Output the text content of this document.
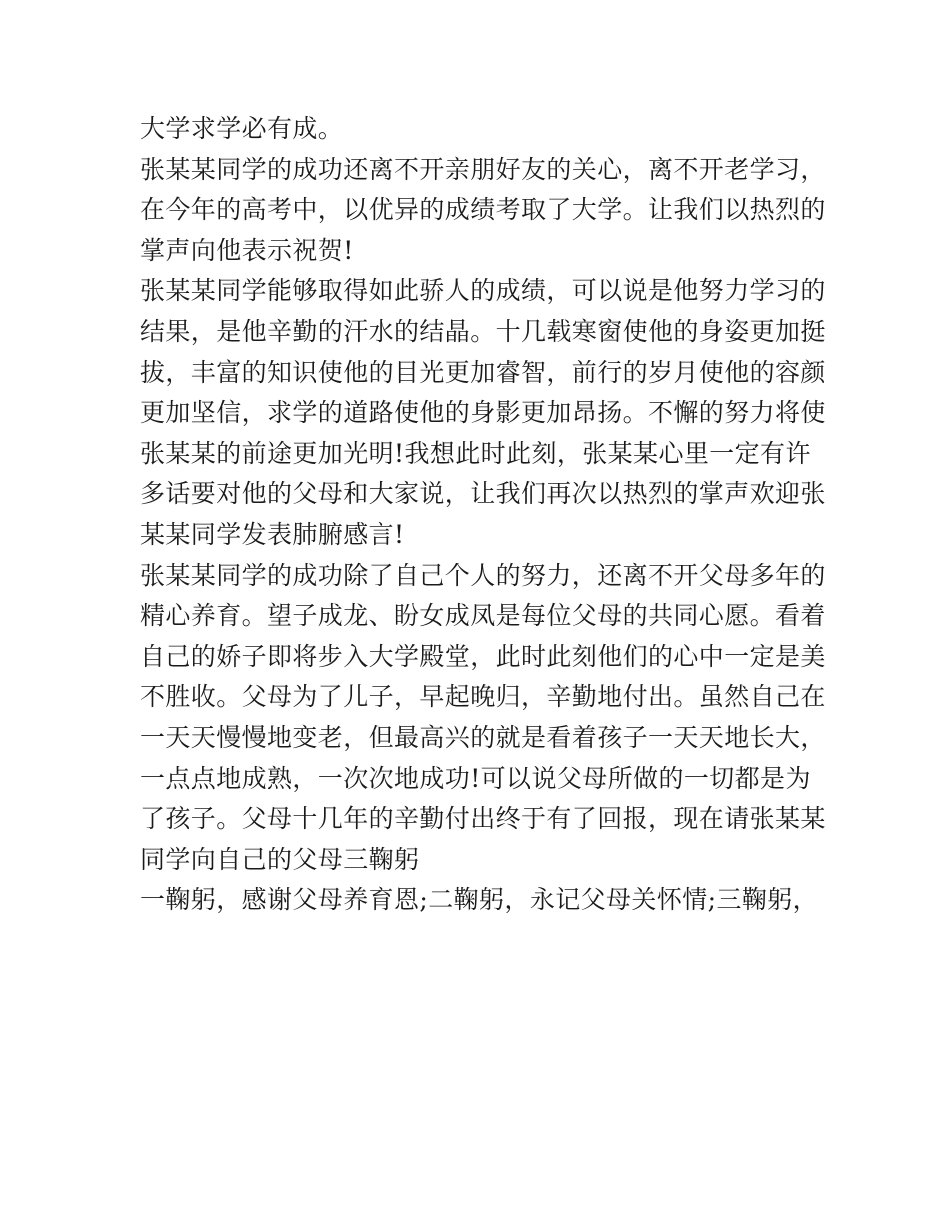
大学求学必有成。
张某某同学的成功还离不开亲朋好友的关心，离不开老学习，
在今年的高考中，以优异的成绩考取了大学。让我们以热烈的
掌声向他表示祝贺!
张某某同学能够取得如此骄人的成绩，可以说是他努力学习的
结果，是他辛勤的汗水的结晶。十几载寒窗使他的身姿更加挺
拔，丰富的知识使他的目光更加睿智，前行的岁月使他的容颜
更加坚信，求学的道路使他的身影更加昂扬。不懈的努力将使
张某某的前途更加光明!我想此时此刻，张某某心里一定有许
多话要对他的父母和大家说，让我们再次以热烈的掌声欢迎张
某某同学发表肺腑感言!
张某某同学的成功除了自己个人的努力，还离不开父母多年的
精心养育。望子成龙、盼女成凤是每位父母的共同心愿。看着
自己的娇子即将步入大学殿堂，此时此刻他们的心中一定是美
不胜收。父母为了儿子，早起晚归，辛勤地付出。虽然自己在
一天天慢慢地变老，但最高兴的就是看着孩子一天天地长大，
一点点地成熟，一次次地成功!可以说父母所做的一切都是为
了孩子。父母十几年的辛勤付出终于有了回报，现在请张某某
同学向自己的父母三鞠躬
一鞠躬，感谢父母养育恩;二鞠躬，永记父母关怀情;三鞠躬，
